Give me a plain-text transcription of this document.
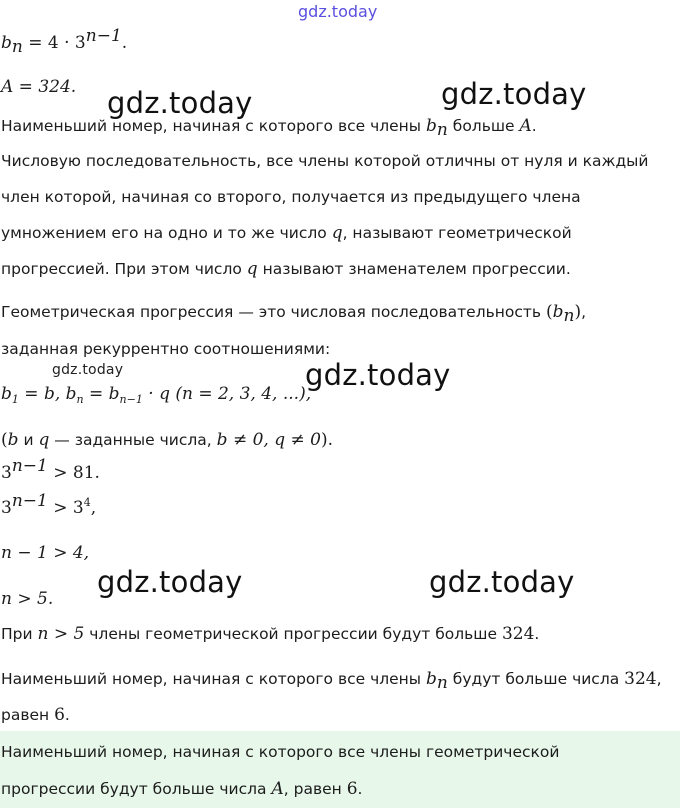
gdz.today
$b_n = 4 \cdot 3^{n-1}$.
A = 324. gdz.today	gdz.today
Наименьший номер, начиная с которого все члены $b_n$ больше A.
Числовую последовательность, все члены которой отличны от нуля и каждый
член которой, начиная со второго, получается из предыдущего члена
умножением его на одно и то же число q, называют геометрической
прогрессией. При этом число q называют знаменателем прогрессии.
Геометрическая прогрессия — это числовая последовательность $(b_n)$,
заданная рекуррентно соотношениями:
gdz.today	gdz.today
$b_1 = b$, $b_n = b_{n-1} \cdot q$ (n = 2, 3, 4, ...),
(b и q — заданные числа, b ≠ 0, q ≠ 0).
$3^{n-1} > 81$.
$3^{n-1} > 3^4$,
n − 1 > 4,
gdz.today	gdz.today
n > 5.
При n > 5 члены геометрической прогрессии будут больше 324.
Наименьший номер, начиная с которого все члены $b_n$ будут больше числа 324,
равен 6.
Наименьший номер, начиная с которого все члены геометрической
прогрессии будут больше числа A, равен 6.
